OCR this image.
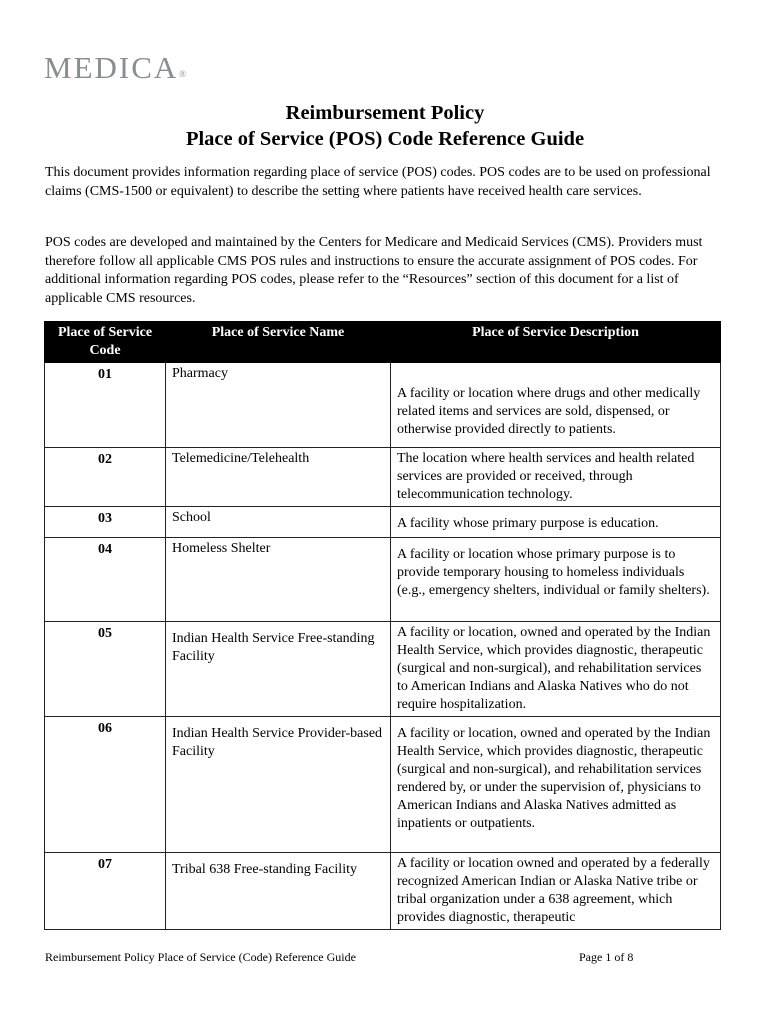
MEDICA®
Reimbursement Policy
Place of Service (POS) Code Reference Guide

This document provides information regarding place of service (POS) codes. POS codes are to be used on professional claims (CMS-1500 or equivalent) to describe the setting where patients have received health care services.

POS codes are developed and maintained by the Centers for Medicare and Medicaid Services (CMS). Providers must therefore follow all applicable CMS POS rules and instructions to ensure the accurate assignment of POS codes. For additional information regarding POS codes, please refer to the “Resources” section of this document for a list of applicable CMS resources.

Place of Service Code	Place of Service Name	Place of Service Description
01	Pharmacy	A facility or location where drugs and other medically related items and services are sold, dispensed, or otherwise provided directly to patients.
02	Telemedicine/Telehealth	The location where health services and health related services are provided or received, through telecommunication technology.
03	School	A facility whose primary purpose is education.
04	Homeless Shelter	A facility or location whose primary purpose is to provide temporary housing to homeless individuals (e.g., emergency shelters, individual or family shelters).
05	Indian Health Service Free-standing Facility	A facility or location, owned and operated by the Indian Health Service, which provides diagnostic, therapeutic (surgical and non-surgical), and rehabilitation services to American Indians and Alaska Natives who do not require hospitalization.
06	Indian Health Service Provider-based Facility	A facility or location, owned and operated by the Indian Health Service, which provides diagnostic, therapeutic (surgical and non-surgical), and rehabilitation services rendered by, or under the supervision of, physicians to American Indians and Alaska Natives admitted as inpatients or outpatients.
07	Tribal 638 Free-standing Facility	A facility or location owned and operated by a federally recognized American Indian or Alaska Native tribe or tribal organization under a 638 agreement, which provides diagnostic, therapeutic
Reimbursement Policy Place of Service (Code) Reference Guide	Page 1 of 8
